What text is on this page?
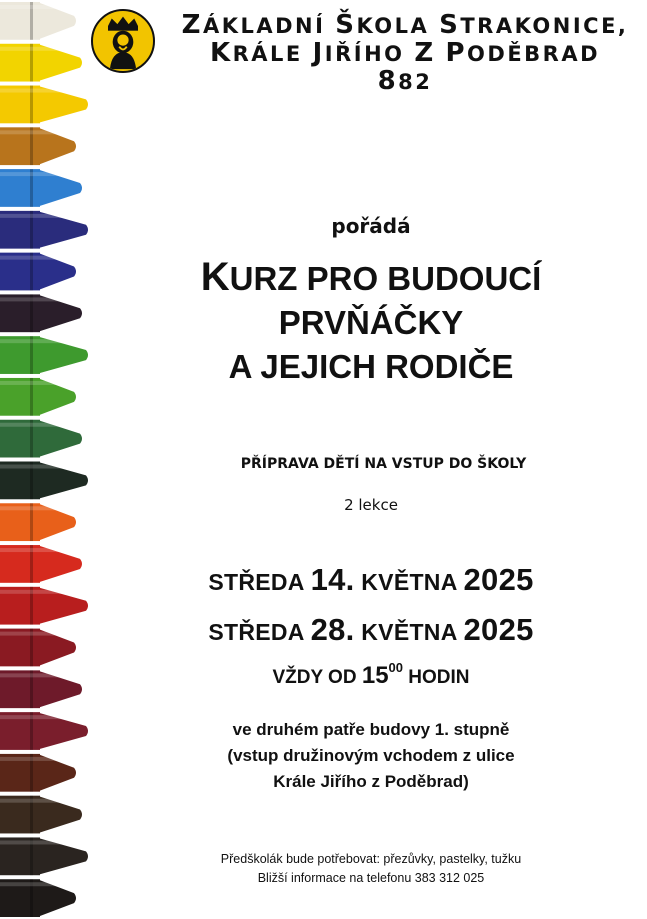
ZÁKLADNÍ ŠKOLA STRAKONICE,
KRÁLE JIŘÍHO Z PODĚBRAD 882
pořádá
KURZ PRO BUDOUCÍ
PRVŇÁČKY
A JEJICH RODIČE
PŘÍPRAVA DĚTÍ NA VSTUP DO ŠKOLY
2 lekce
STŘEDA 14. KVĚTNA 2025
STŘEDA 28. KVĚTNA 2025
VŽDY OD $15^{00}$ HODIN
ve druhém patře budovy 1. stupně
(vstup družinovým vchodem z ulice
Krále Jiřího z Poděbrad)
Předškolák bude potřebovat: přezůvky, pastelky, tužku
Bližší informace na telefonu 383 312 025
